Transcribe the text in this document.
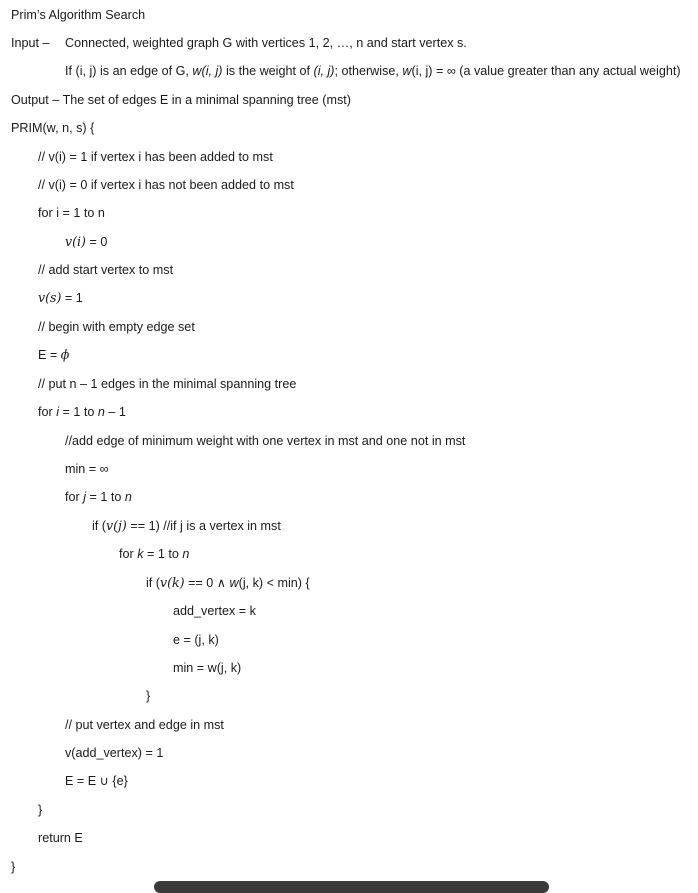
Prim’s Algorithm Search
Input – Connected, weighted graph G with vertices 1, 2, …, n and start vertex s.
If (i, j) is an edge of G, w(i, j) is the weight of (i, j); otherwise, w(i, j) = ∞ (a value greater than any actual weight)
Output – The set of edges E in a minimal spanning tree (mst)
PRIM(w, n, s) {
// v(i) = 1 if vertex i has been added to mst
// v(i) = 0 if vertex i has not been added to mst
for i = 1 to n
v(i) = 0
// add start vertex to mst
v(s) = 1
// begin with empty edge set
E = ϕ
// put n – 1 edges in the minimal spanning tree
for i = 1 to n – 1
//add edge of minimum weight with one vertex in mst and one not in mst
min = ∞
for j = 1 to n
if (v(j) == 1) //if j is a vertex in mst
for k = 1 to n
if (v(k) == 0 ∧ w(j, k) < min) {
add_vertex = k
e = (j, k)
min = w(j, k)
}
// put vertex and edge in mst
v(add_vertex) = 1
E = E ∪ {e}
}
return E
}
